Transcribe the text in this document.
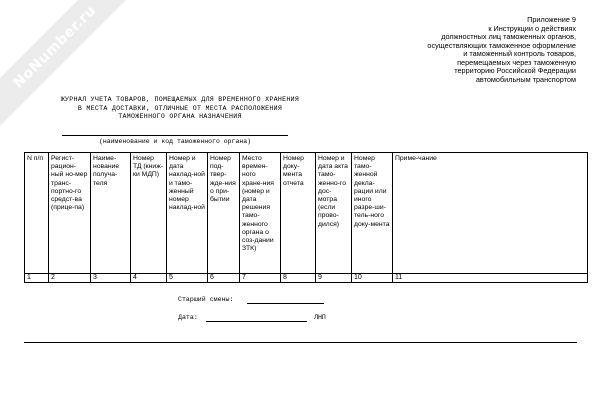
NoNumber.ru	Приложение 9
к Инструкции о действиях
должностных лиц таможенных органов,
осуществляющих таможенное оформление
и таможенный контроль товаров,
перемещаемых через таможенную
территорию Российской Федерации
автомобильным транспортом
ЖУРНАЛ УЧЕТА ТОВАРОВ, ПОМЕЩАЕМЫХ ДЛЯ ВРЕМЕННОГО ХРАНЕНИЯ
В МЕСТА ДОСТАВКИ, ОТЛИЧНЫЕ ОТ МЕСТА РАСПОЛОЖЕНИЯ
ТАМОЖЕННОГО ОРГАНА НАЗНАЧЕНИЯ
(наименование и код таможенного органа)
N п/п	Регист-рацион-ный но-мер транс-портно-го средст-ва (прице-па)	Наиме-нование получа-теля	Номер ТД (книж-ки МДП)	Номер и дата наклад-ной и тамо-женный номер наклад-ной	Номер под-твер-жде-ния о при-бытии	Место времен-ного хране-ния (номер и дата решения тамо-женного органа о соз-дании ЗТК)	Номер доку-мента отчета	Номер и дата акта тамо-женно-го дос-мотра (если прово-дился)	Номер тамо-женной декла-рации или иного разре-ши-тель-ного доку-мента	Приме-чание
1	2	3	4	5	6	7	8	9	10	11
Старший смены:
Дата:	ЛНП
